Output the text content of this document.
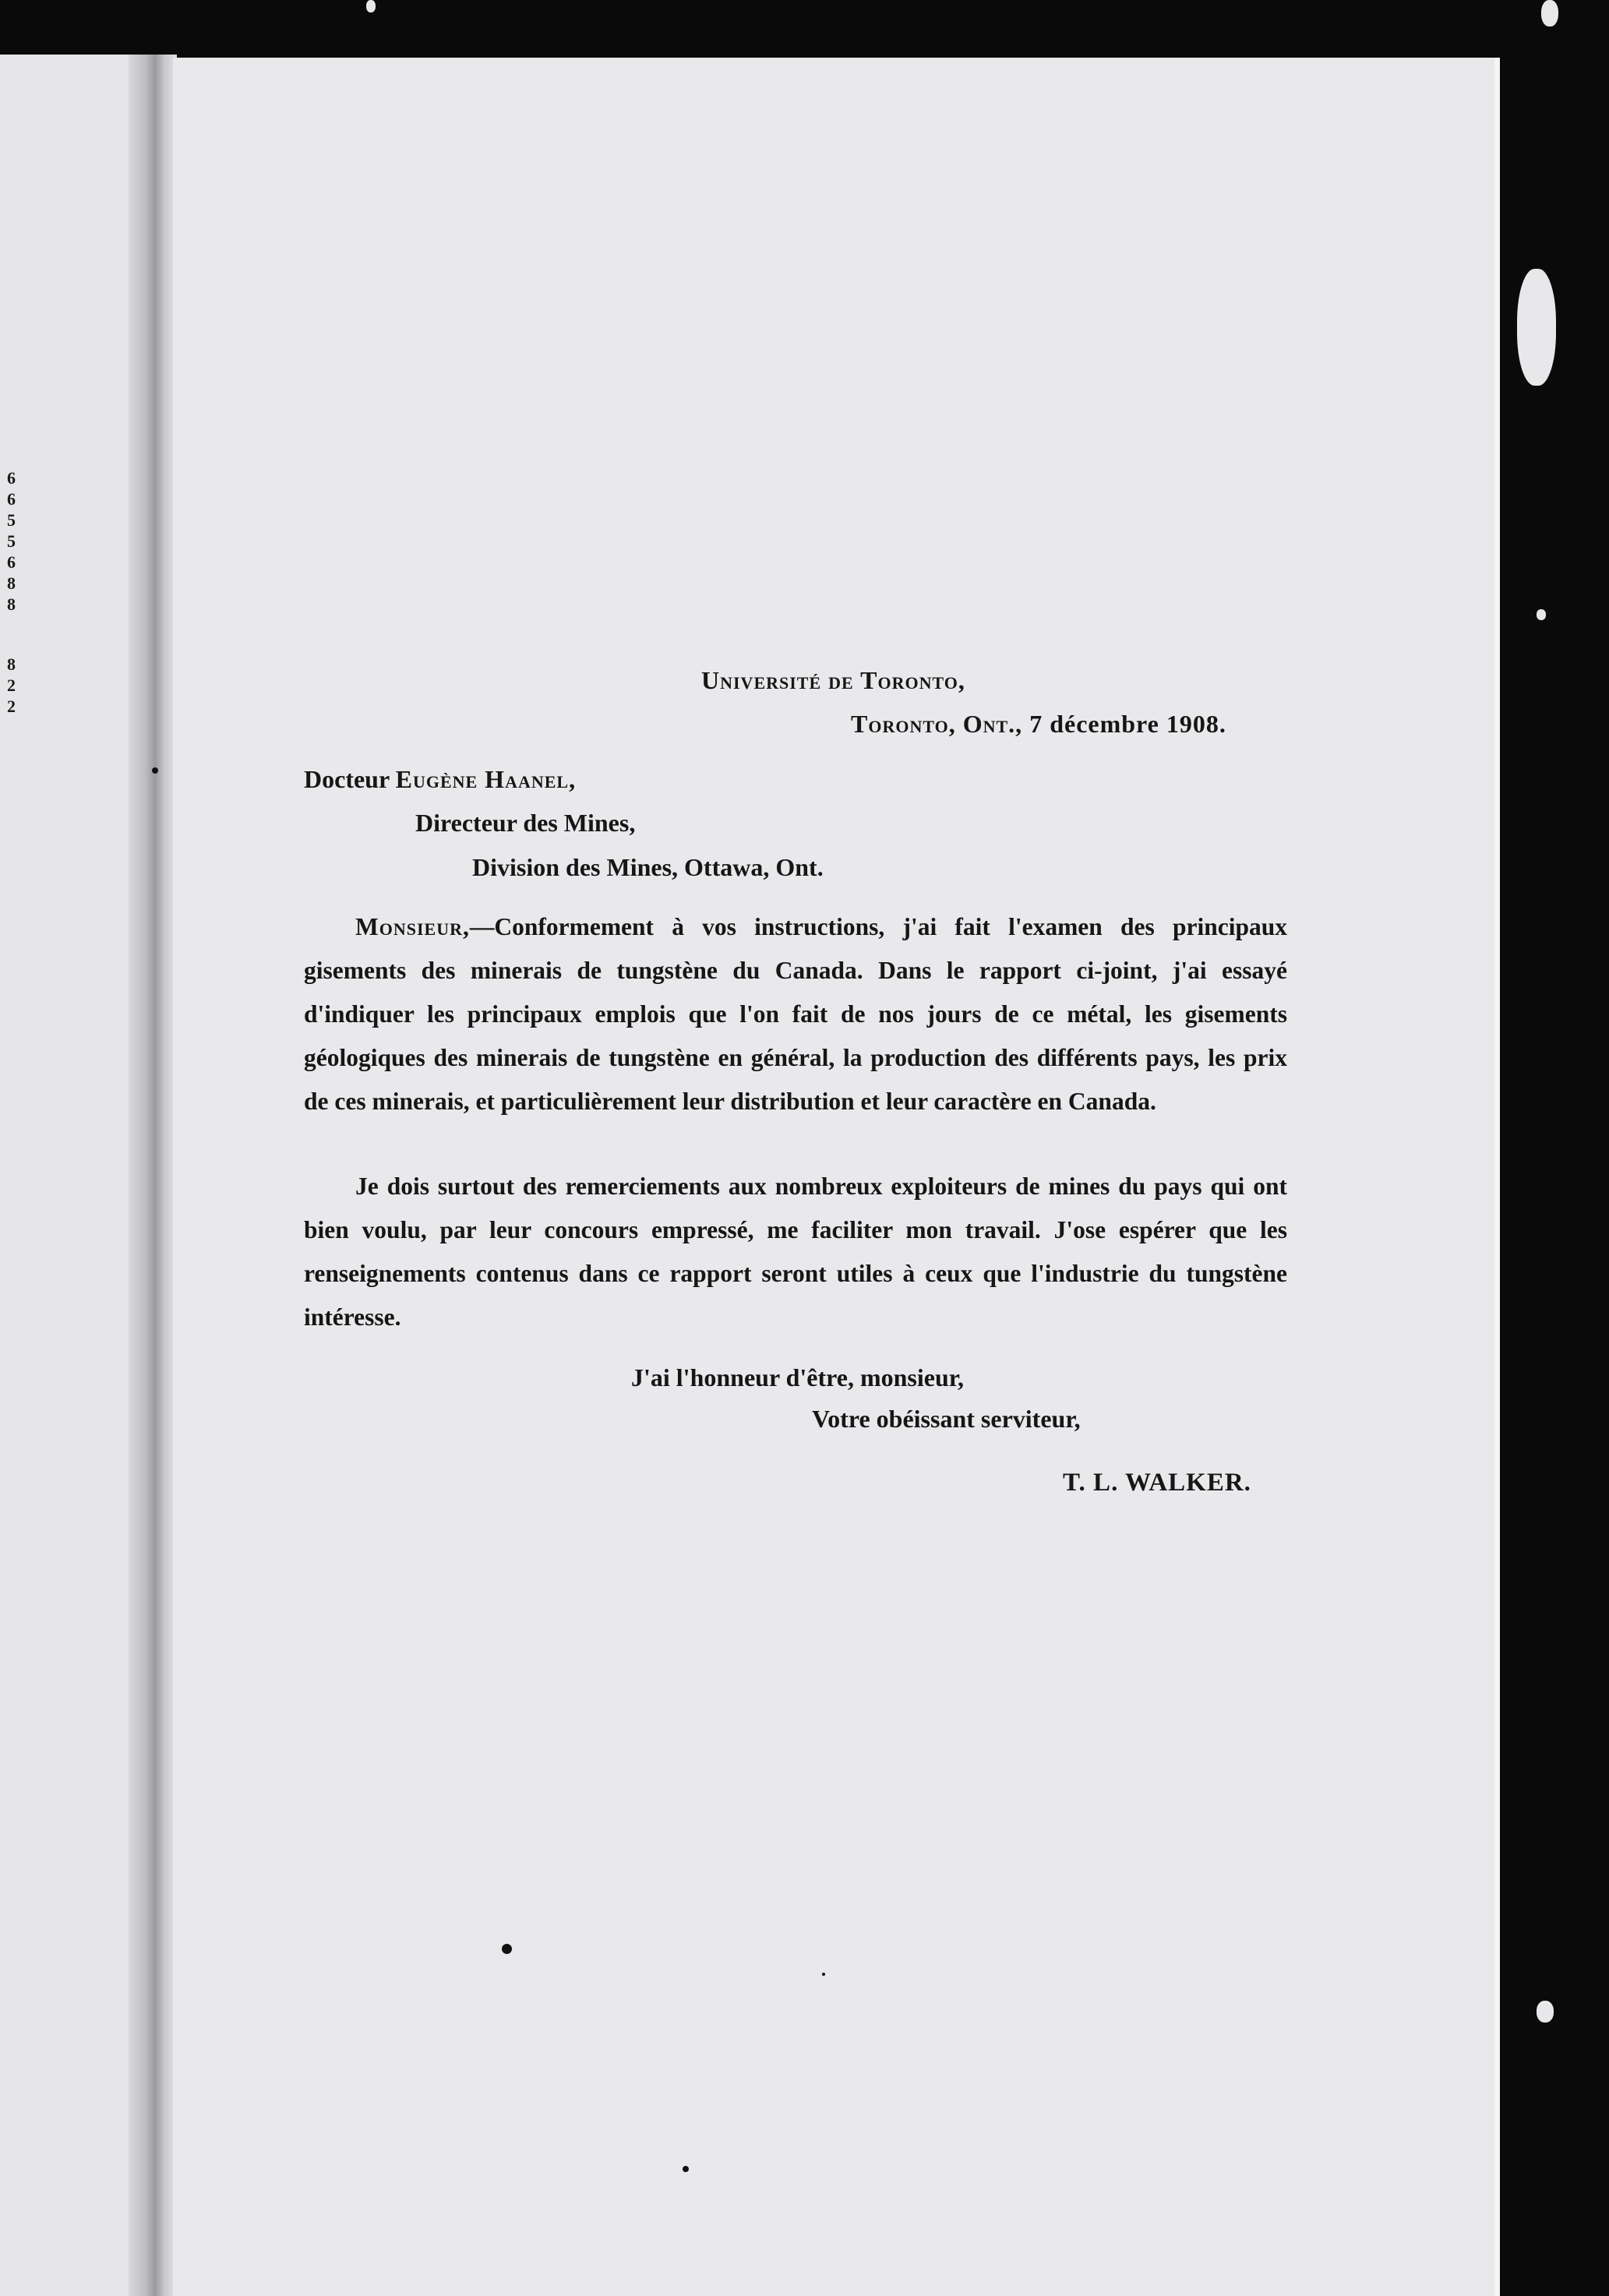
6
6
5
5
6
8
8
8
2
2
Université de Toronto,
Toronto, Ont., 7 décembre 1908.
Docteur Eugène Haanel,
Directeur des Mines,
Division des Mines, Ottawa, Ont.
Monsieur,—Conformement à vos instructions, j'ai fait l'examen des principaux gisements des minerais de tungstène du Canada. Dans le rapport ci-joint, j'ai essayé d'indiquer les principaux emplois que l'on fait de nos jours de ce métal, les gisements géologiques des minerais de tungstène en général, la production des différents pays, les prix de ces minerais, et particulièrement leur distribution et leur caractère en Canada.
Je dois surtout des remerciements aux nombreux exploiteurs de mines du pays qui ont bien voulu, par leur concours empressé, me faciliter mon travail. J'ose espérer que les renseignements contenus dans ce rapport seront utiles à ceux que l'industrie du tungstène intéresse.
J'ai l'honneur d'être, monsieur,
Votre obéissant serviteur,
T. L. WALKER.
